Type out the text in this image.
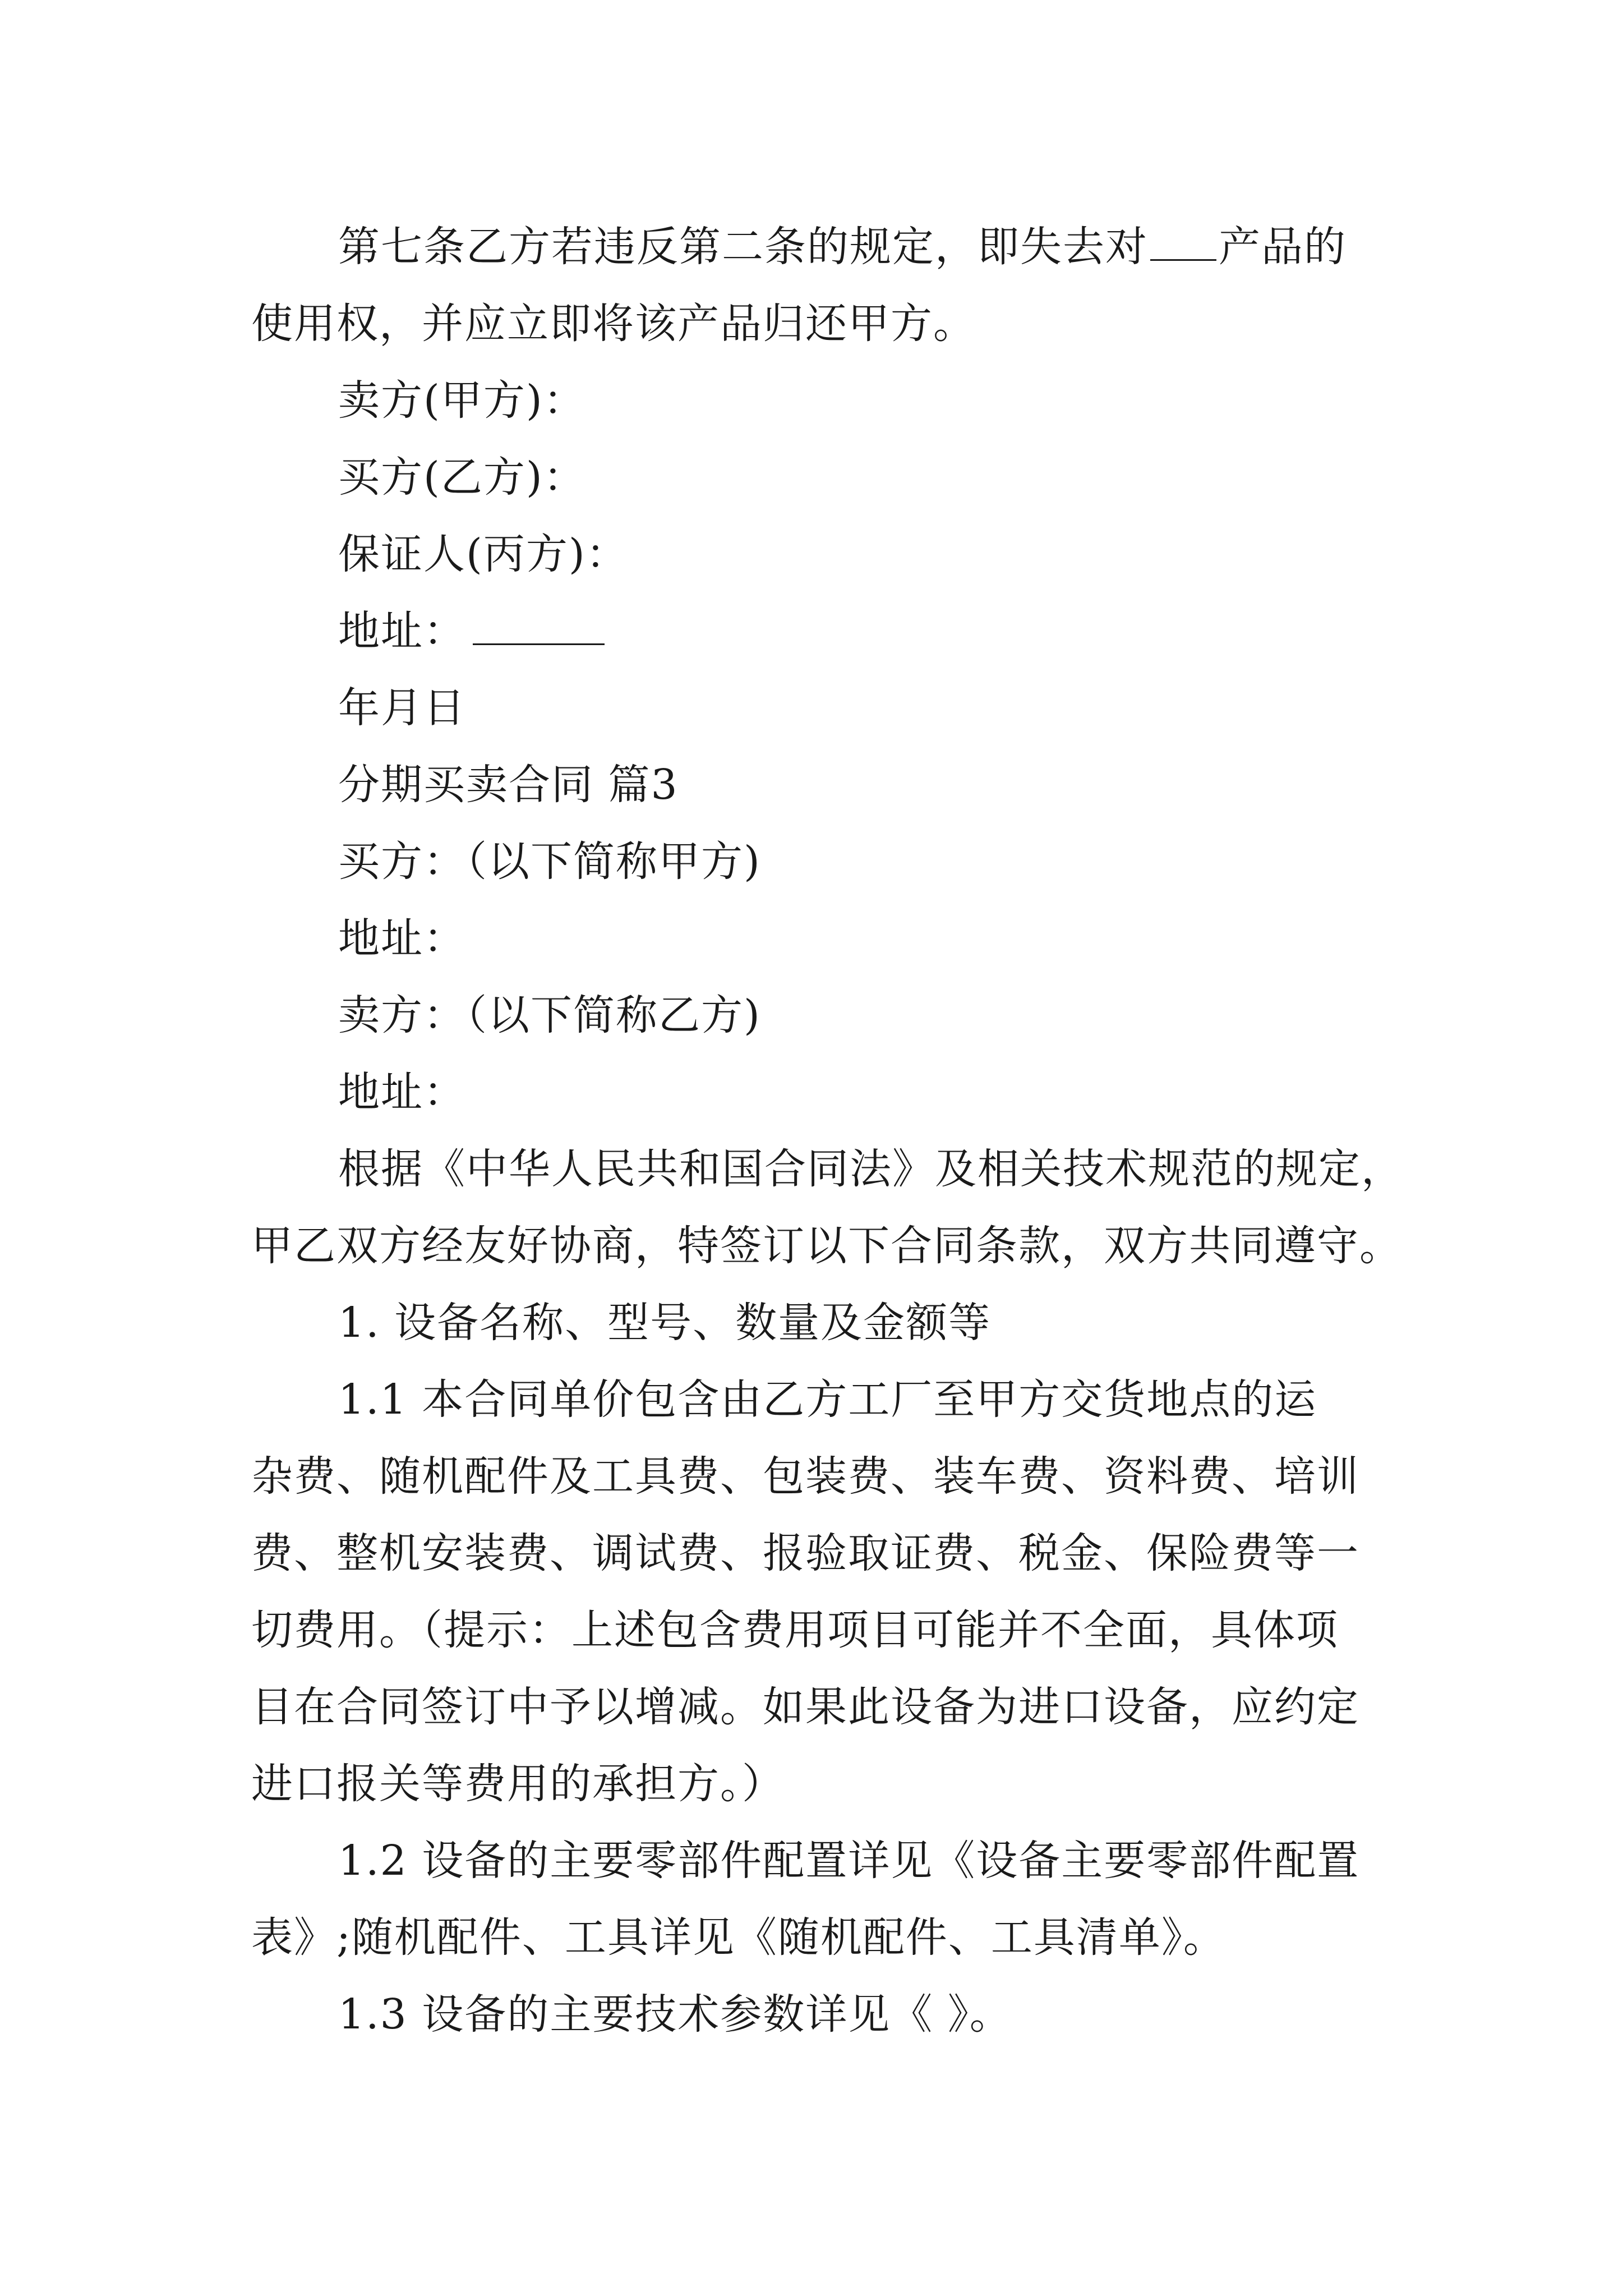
第七条乙方若违反第二条的规定，即失去对 产品的
使用权，并应立即将该产品归还甲方。
卖方(甲方)：
买方(乙方)：
保证人(丙方)：
地址：
年月日
分期买卖合同 篇3
买方：（以下简称甲方)
地址：
卖方：（以下简称乙方)
地址：
根据《中华人民共和国合同法》及相关技术规范的规定，
甲乙双方经友好协商，特签订以下合同条款，双方共同遵守。
1. 设备名称、型号、数量及金额等
1.1 本合同单价包含由乙方工厂至甲方交货地点的运
杂费、随机配件及工具费、包装费、装车费、资料费、培训
费、整机安装费、调试费、报验取证费、税金、保险费等一
切费用。（提示：上述包含费用项目可能并不全面，具体项
目在合同签订中予以增减。如果此设备为进口设备，应约定
进口报关等费用的承担方。）
1.2 设备的主要零部件配置详见《设备主要零部件配置
表》;随机配件、工具详见《随机配件、工具清单》。
1.3 设备的主要技术参数详见《 》。
